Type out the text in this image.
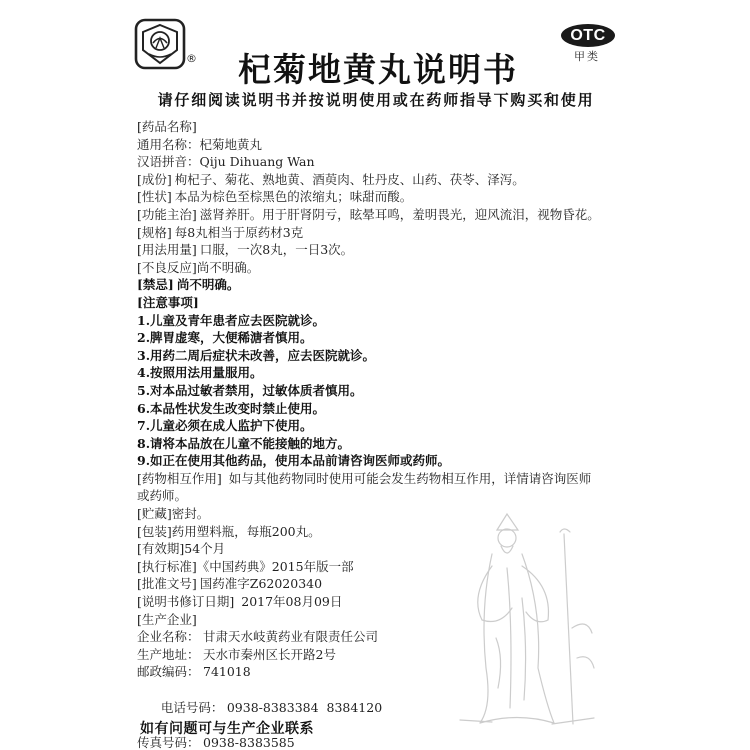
®
OTC
甲类
杞菊地黄丸说明书
请仔细阅读说明书并按说明使用或在药师指导下购买和使用
[药品名称]
通用名称：杞菊地黄丸
汉语拼音：Qiju Dihuang Wan
[成份] 枸杞子、菊花、熟地黄、酒萸肉、牡丹皮、山药、茯苓、泽泻。
[性状] 本品为棕色至棕黑色的浓缩丸；味甜而酸。
[功能主治] 滋肾养肝。用于肝肾阴亏，眩晕耳鸣，羞明畏光，迎风流泪，视物昏花。
[规格] 每8丸相当于原药材3克
[用法用量] 口服，一次8丸，一日3次。
[不良反应]尚不明确。
[禁忌] 尚不明确。
[注意事项]
1.儿童及青年患者应去医院就诊。
2.脾胃虚寒，大便稀溏者慎用。
3.用药二周后症状未改善，应去医院就诊。
4.按照用法用量服用。
5.对本品过敏者禁用，过敏体质者慎用。
6.本品性状发生改变时禁止使用。
7.儿童必须在成人监护下使用。
8.请将本品放在儿童不能接触的地方。
9.如正在使用其他药品，使用本品前请咨询医师或药师。
[药物相互作用] 如与其他药物同时使用可能会发生药物相互作用，详情请咨询医师或药师。
[贮藏]密封。
[包装]药用塑料瓶，每瓶200丸。
[有效期]54个月
[执行标准]《中国药典》2015年版一部
[批准文号] 国药准字Z62020340
[说明书修订日期] 2017年08月09日
[生产企业]
企业名称： 甘肃天水岐黄药业有限责任公司
生产地址： 天水市秦州区长开路2号
邮政编码： 741018

电话号码： 0938-8383384  8384120

传真号码： 0938-8383585
如有问题可与生产企业联系
